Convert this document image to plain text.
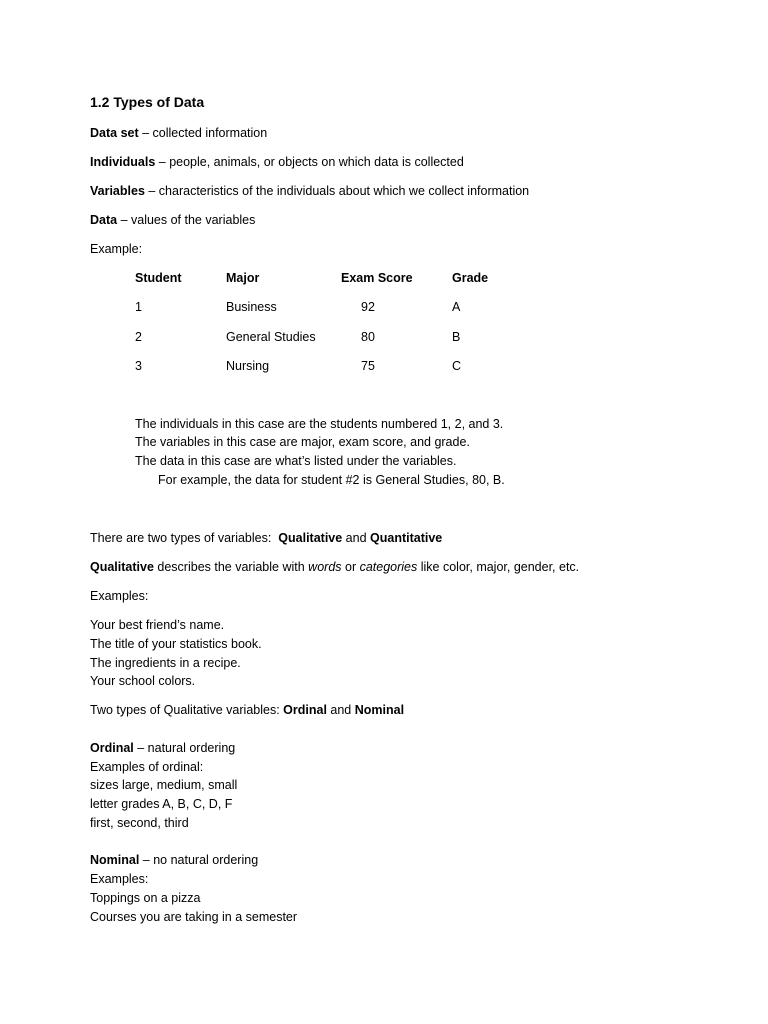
1.2 Types of Data
Data set – collected information
Individuals – people, animals, or objects on which data is collected
Variables – characteristics of the individuals about which we collect information
Data – values of the variables
Example:
Student	Major	Exam Score	Grade
1	Business	92	A
2	General Studies	80	B
3	Nursing	75	C
The individuals in this case are the students numbered 1, 2, and 3.
The variables in this case are major, exam score, and grade.
The data in this case are what’s listed under the variables.
For example, the data for student #2 is General Studies, 80, B.
There are two types of variables:  Qualitative and Quantitative
Qualitative describes the variable with words or categories like color, major, gender, etc.
Examples:
Your best friend’s name.
The title of your statistics book.
The ingredients in a recipe.
Your school colors.
Two types of Qualitative variables: Ordinal and Nominal
Ordinal – natural ordering
Examples of ordinal:
sizes large, medium, small
letter grades A, B, C, D, F
first, second, third
Nominal – no natural ordering
Examples:
Toppings on a pizza
Courses you are taking in a semester
